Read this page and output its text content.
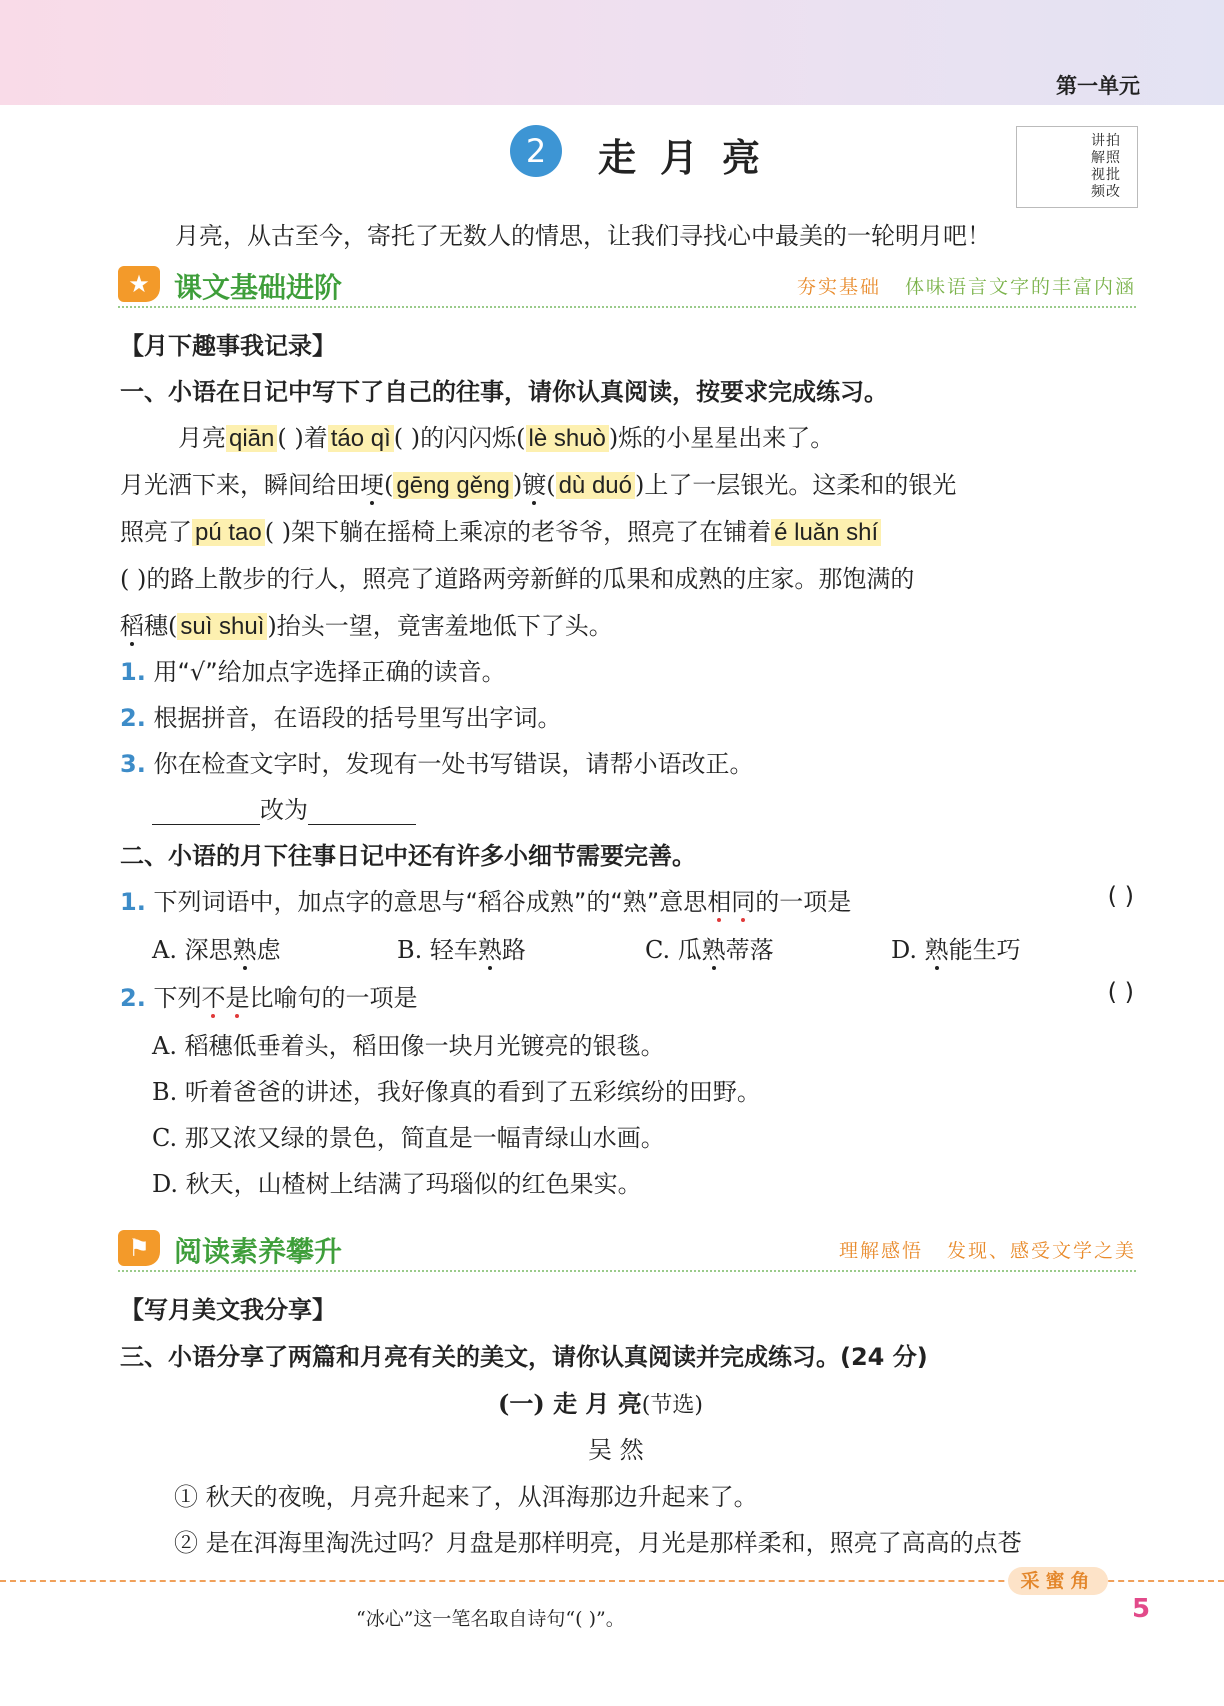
第一单元
2	走月亮	讲拍解照视批频改
月亮，从古至今，寄托了无数人的情思，让我们寻找心中最美的一轮明月吧！
★ 课文基础进阶	夯实基础 体味语言文字的丰富内涵
【月下趣事我记录】
一、小语在日记中写下了自己的往事，请你认真阅读，按要求完成练习。
月亮 qiān ( )着 táo qì ( )的闪闪烁( lè shuò )烁的小星星出来了。
月光洒下来，瞬间给田埂( gēng gěng )镀( dù duó )上了一层银光。这柔和的银光
照亮了 pú tao ( )架下躺在摇椅上乘凉的老爷爷，照亮了在铺着 é luǎn shí
( )的路上散步的行人，照亮了道路两旁新鲜的瓜果和成熟的庄家。那饱满的
稻穗( suì shuì )抬头一望，竟害羞地低下了头。
1. 用“√”给加点字选择正确的读音。
2. 根据拼音，在语段的括号里写出字词。
3. 你在检查文字时，发现有一处书写错误，请帮小语改正。
改为
二、小语的月下往事日记中还有许多小细节需要完善。
1. 下列词语中，加点字的意思与“稻谷成熟”的“熟”意思相同的一项是	( )
A. 深思熟虑	B. 轻车熟路	C. 瓜熟蒂落	D. 熟能生巧
2. 下列不是比喻句的一项是	( )
A. 稻穗低垂着头，稻田像一块月光镀亮的银毯。
B. 听着爸爸的讲述，我好像真的看到了五彩缤纷的田野。
C. 那又浓又绿的景色，简直是一幅青绿山水画。
D. 秋天，山楂树上结满了玛瑙似的红色果实。
⚑ 阅读素养攀升	理解感悟 发现、感受文学之美
【写月美文我分享】
三、小语分享了两篇和月亮有关的美文，请你认真阅读并完成练习。(24 分)
(一) 走 月 亮(节选)
吴 然
① 秋天的夜晚，月亮升起来了，从洱海那边升起来了。
② 是在洱海里淘洗过吗？月盘是那样明亮，月光是那样柔和，照亮了高高的点苍
采蜜角
“冰心”这一笔名取自诗句“( )”。	5
